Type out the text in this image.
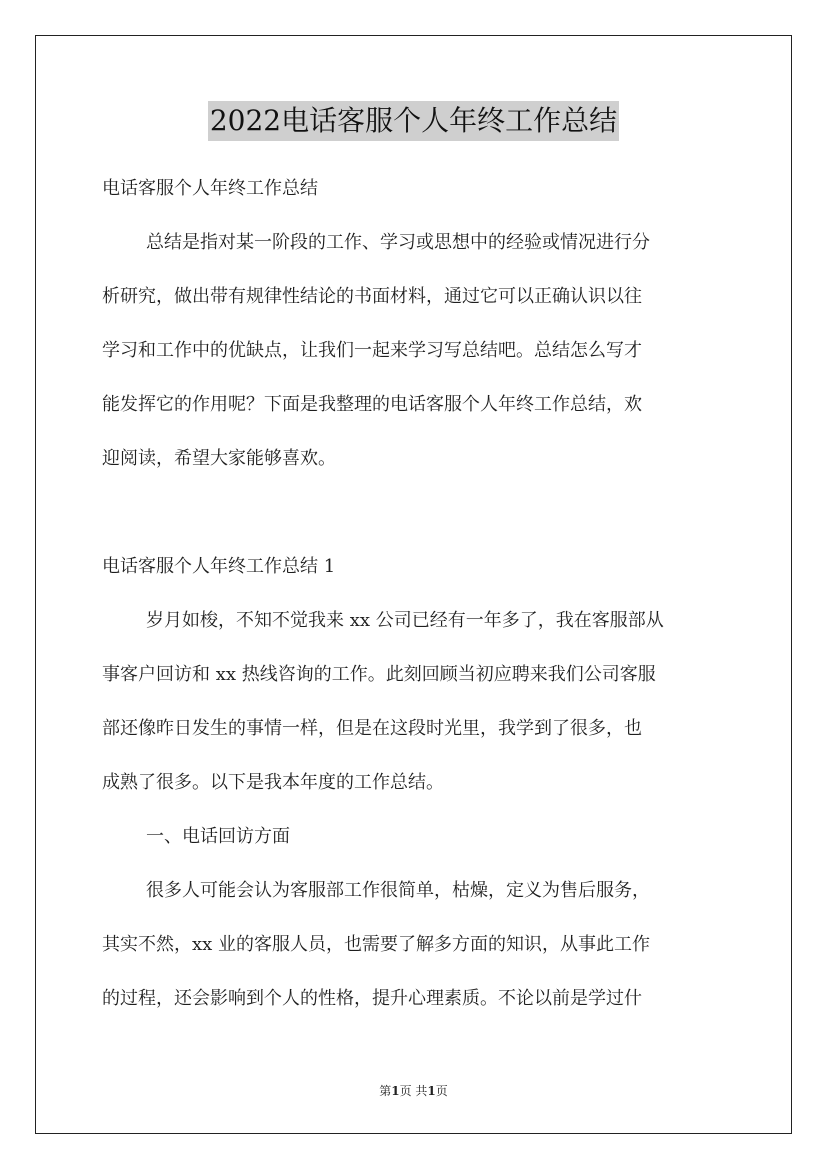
2022电话客服个人年终工作总结
电话客服个人年终工作总结
总结是指对某一阶段的工作、学习或思想中的经验或情况进行分
析研究，做出带有规律性结论的书面材料，通过它可以正确认识以往
学习和工作中的优缺点，让我们一起来学习写总结吧。总结怎么写才
能发挥它的作用呢？下面是我整理的电话客服个人年终工作总结，欢
迎阅读，希望大家能够喜欢。
电话客服个人年终工作总结 1
岁月如梭，不知不觉我来 xx 公司已经有一年多了，我在客服部从
事客户回访和 xx 热线咨询的工作。此刻回顾当初应聘来我们公司客服
部还像昨日发生的事情一样，但是在这段时光里，我学到了很多，也
成熟了很多。以下是我本年度的工作总结。
一、电话回访方面
很多人可能会认为客服部工作很简单，枯燥，定义为售后服务，
其实不然，xx 业的客服人员，也需要了解多方面的知识，从事此工作
的过程，还会影响到个人的性格，提升心理素质。不论以前是学过什
第1页 共1页
